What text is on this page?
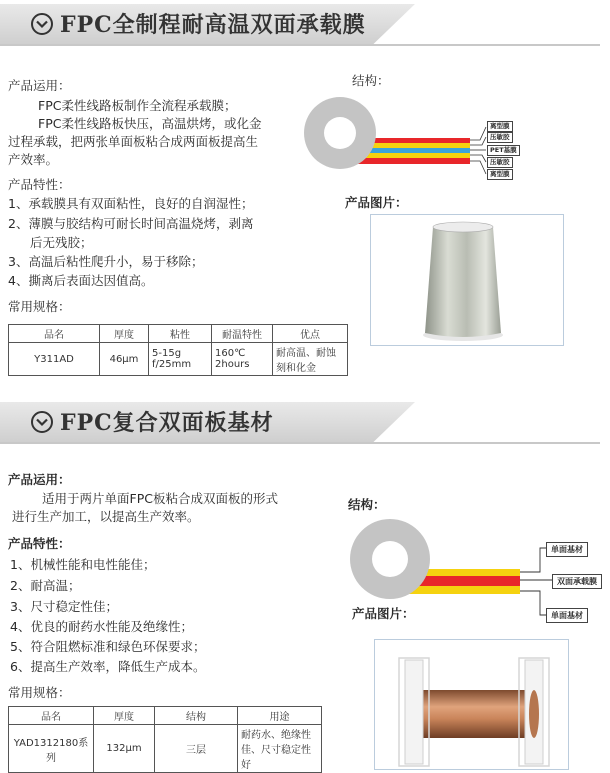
FPC全制程耐高温双面承载膜
产品运用：
FPC柔性线路板制作全流程承载膜；
FPC柔性线路板快压，高温烘烤，或化金
过程承载，把两张单面板粘合成两面板提高生
产效率。
产品特性：
1、承载膜具有双面粘性，良好的自润湿性；
2、薄膜与胶结构可耐长时间高温烧烤，剥离
后无残胶；
3、高温后粘性爬升小，易于移除；
4、撕离后表面达因值高。
常用规格：
品名	厚度	粘性	耐温特性	优点
Y311AD	46μm	5-15g f/25mm	160℃ 2hours	耐高温、耐蚀刻和化金
结构：
离型膜
压敏胶
PET基膜
压敏胶
离型膜
产品图片：
FPC复合双面板基材
产品运用：
适用于两片单面FPC板粘合成双面板的形式
进行生产加工，以提高生产效率。
产品特性：
1、机械性能和电性能佳；
2、耐高温；
3、尺寸稳定性佳；
4、优良的耐药水性能及绝缘性；
5、符合阻燃标准和绿色环保要求；
6、提高生产效率，降低生产成本。
常用规格：
品名	厚度	结构	用途
YAD1312180系列	132μm	三层	耐药水、绝缘性佳、尺寸稳定性好
结构：
单面基材
双面承载膜
单面基材
产品图片：
